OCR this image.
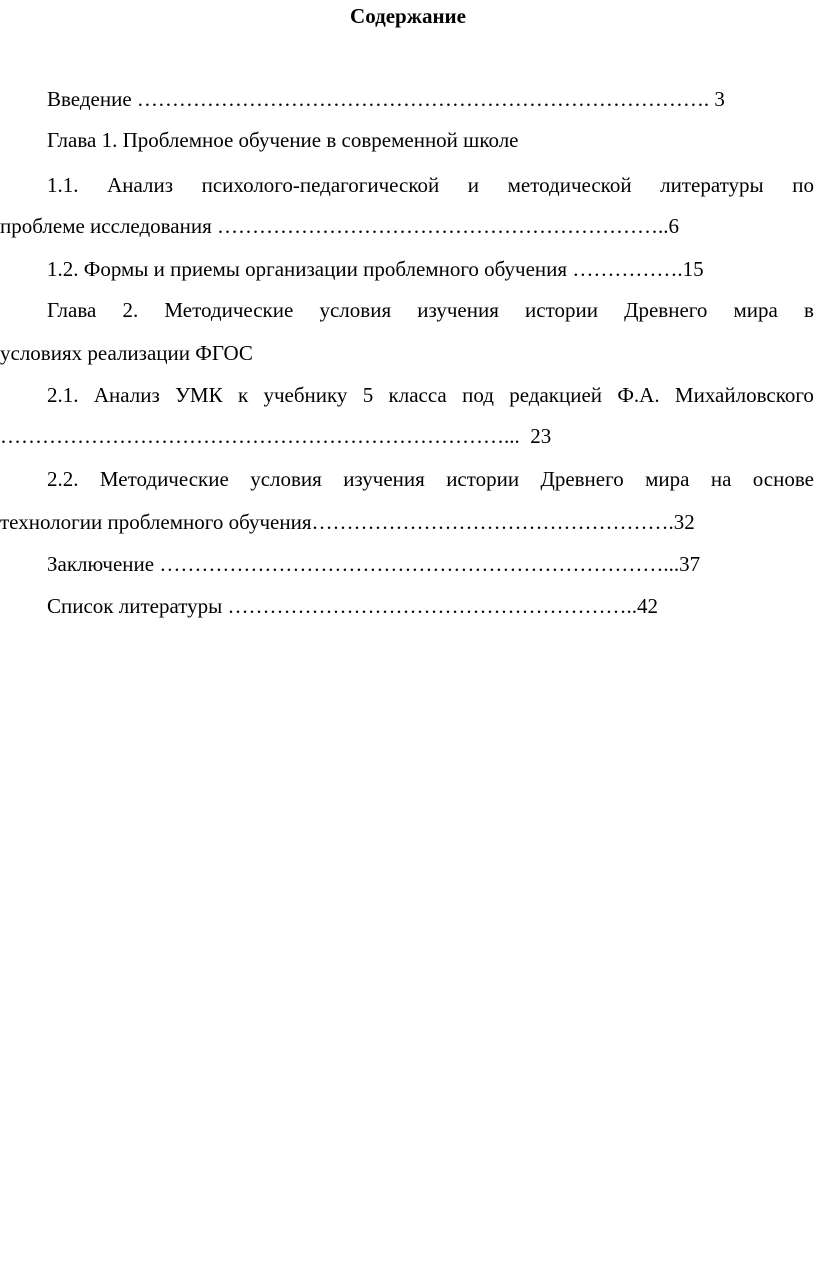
Содержание
Введение ………………………………………………………………………. 3
Глава 1. Проблемное обучение в современной школе
1.1. Анализ психолого-педагогической и методической литературы по
проблеме исследования ………………………………………………………..6
1.2. Формы и приемы организации проблемного обучения …………….15
Глава 2. Методические условия изучения истории Древнего мира в
условиях реализации ФГОС
2.1. Анализ УМК к учебнику 5 класса под редакцией Ф.А. Михайловского
………………………………………………………………...  23
2.2. Методические условия изучения истории Древнего мира на основе
технологии проблемного обучения…………………………………………….32
Заключение ………………………………………………………………...37
Список литературы …………………………………………………..42
